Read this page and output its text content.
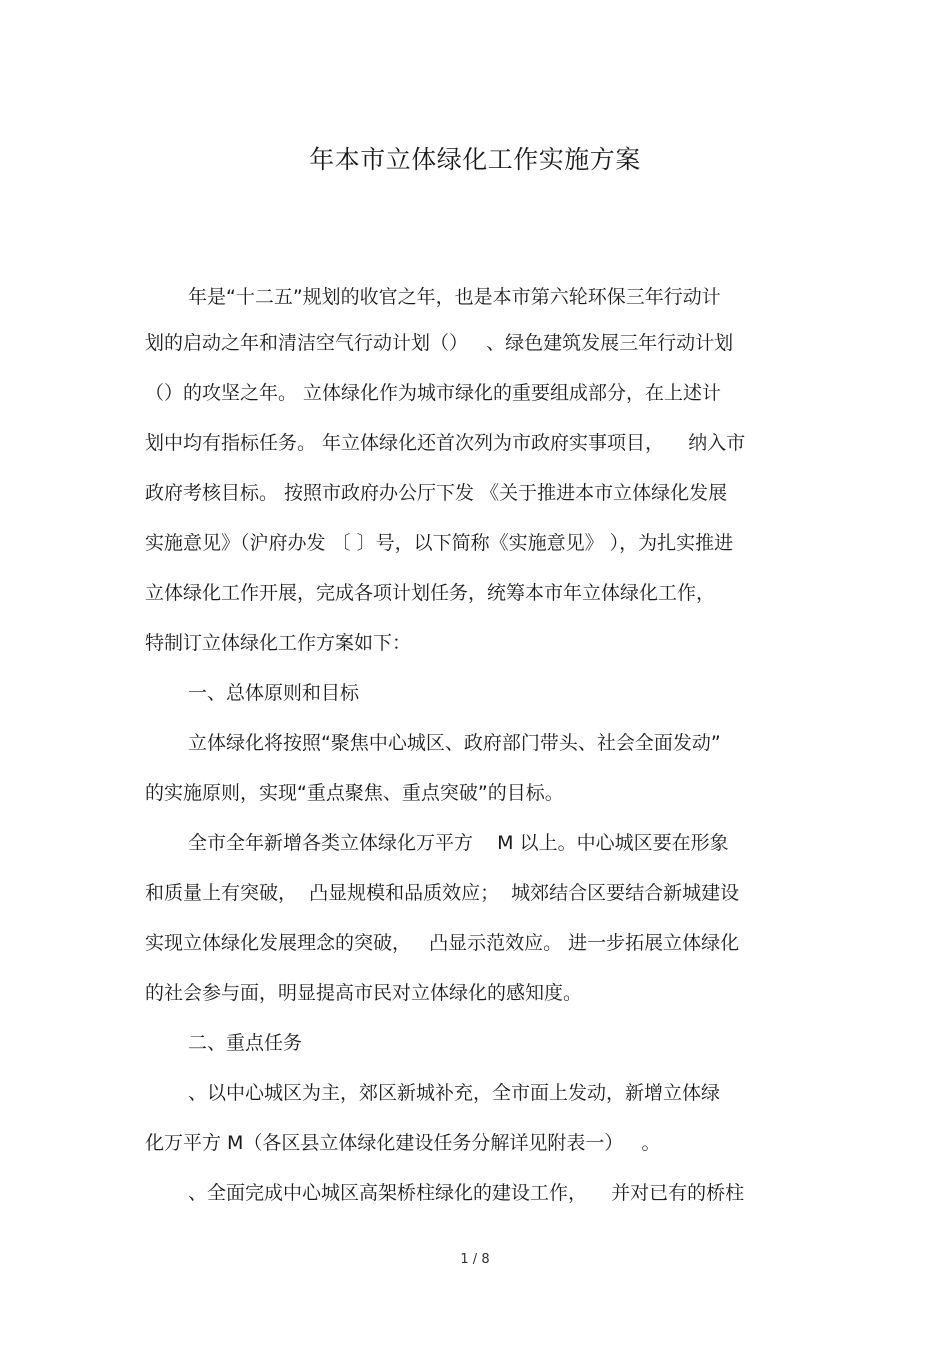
年本市立体绿化工作实施方案

年是“十二五”规划的收官之年，也是本市第六轮环保三年行动计

划的启动之年和清洁空气行动计划（）   、绿色建筑发展三年行动计划

（）的攻坚之年。 立体绿化作为城市绿化的重要组成部分，在上述计

划中均有指标任务。 年立体绿化还首次列为市政府实事项目，    纳入市

政府考核目标。 按照市政府办公厅下发 《关于推进本市立体绿化发展

实施意见》（沪府办发 〔 〕号，以下简称《实施意见》 ），为扎实推进

立体绿化工作开展，完成各项计划任务，统筹本市年立体绿化工作，

特制订立体绿化工作方案如下：

一、总体原则和目标

立体绿化将按照“聚焦中心城区、政府部门带头、社会全面发动”

的实施原则，实现“重点聚焦、重点突破”的目标。

全市全年新增各类立体绿化万平方    M 以上。中心城区要在形象

和质量上有突破，  凸显规模和品质效应；  城郊结合区要结合新城建设

实现立体绿化发展理念的突破，   凸显示范效应。 进一步拓展立体绿化

的社会参与面，明显提高市民对立体绿化的感知度。

二、重点任务

、以中心城区为主，郊区新城补充，全市面上发动，新增立体绿

化万平方 M（各区县立体绿化建设任务分解详见附表一）   。

、全面完成中心城区高架桥柱绿化的建设工作，    并对已有的桥柱

1 / 8
